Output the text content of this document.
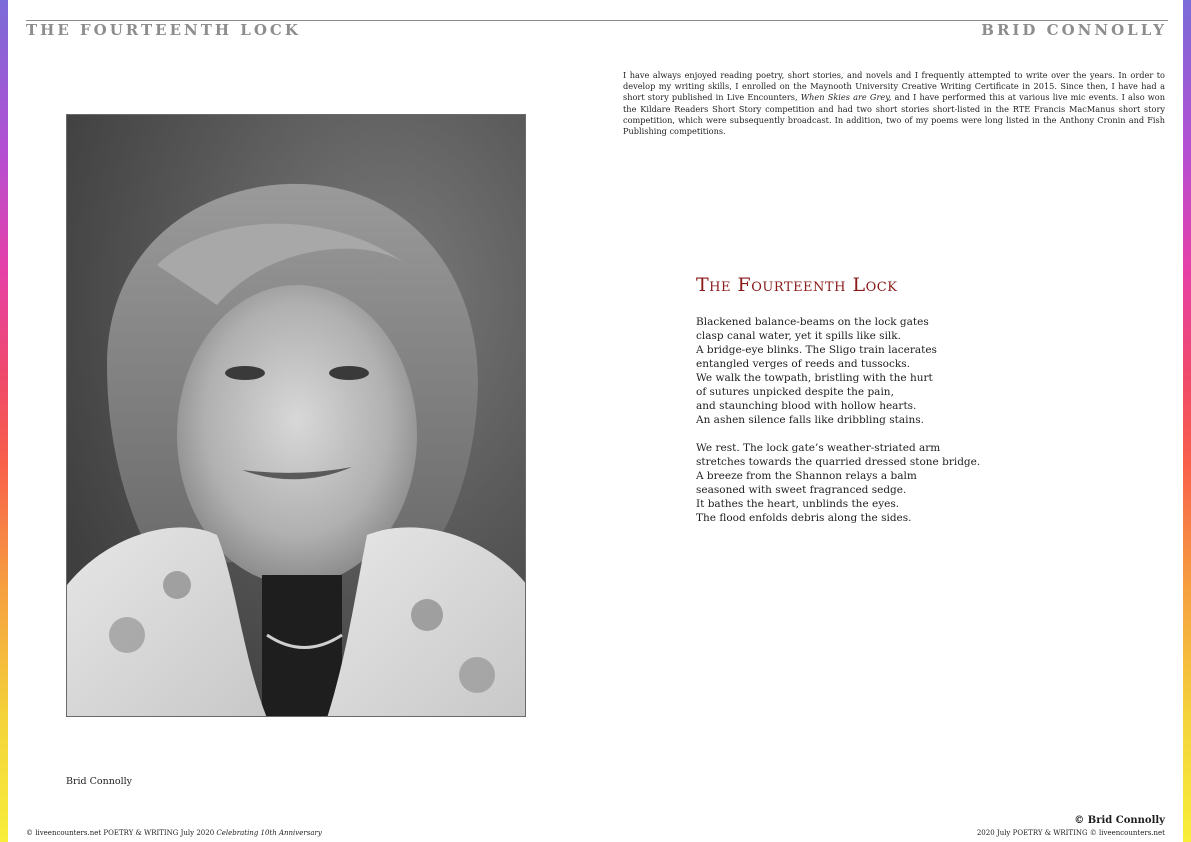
THE FOURTEENTH LOCK	BRID CONNOLLY
I have always enjoyed reading poetry, short stories, and novels and I frequently attempted to write over the years. In order to develop my writing skills, I enrolled on the Maynooth University Creative Writing Certificate in 2015. Since then, I have had a short story published in Live Encounters, When Skies are Grey, and I have performed this at various live mic events. I also won the Kildare Readers Short Story competition and had two short stories short-listed in the RTE Francis MacManus short story competition, which were subsequently broadcast. In addition, two of my poems were long listed in the Anthony Cronin and Fish Publishing competitions.
Brid Connolly
The Fourteenth Lock
Blackened balance-beams on the lock gates
clasp canal water, yet it spills like silk.
A bridge-eye blinks. The Sligo train lacerates
entangled verges of reeds and tussocks.
We walk the towpath, bristling with the hurt
of sutures unpicked despite the pain,
and staunching blood with hollow hearts.
An ashen silence falls like dribbling stains.
We rest. The lock gate’s weather-striated arm
stretches towards the quarried dressed stone bridge.
A breeze from the Shannon relays a balm
seasoned with sweet fragranced sedge.
It bathes the heart, unblinds the eyes.
The flood enfolds debris along the sides.
© Brid Connolly
© liveencounters.net POETRY & WRITING July 2020 Celebrating 10th Anniversary	2020 July POETRY & WRITING © liveencounters.net
